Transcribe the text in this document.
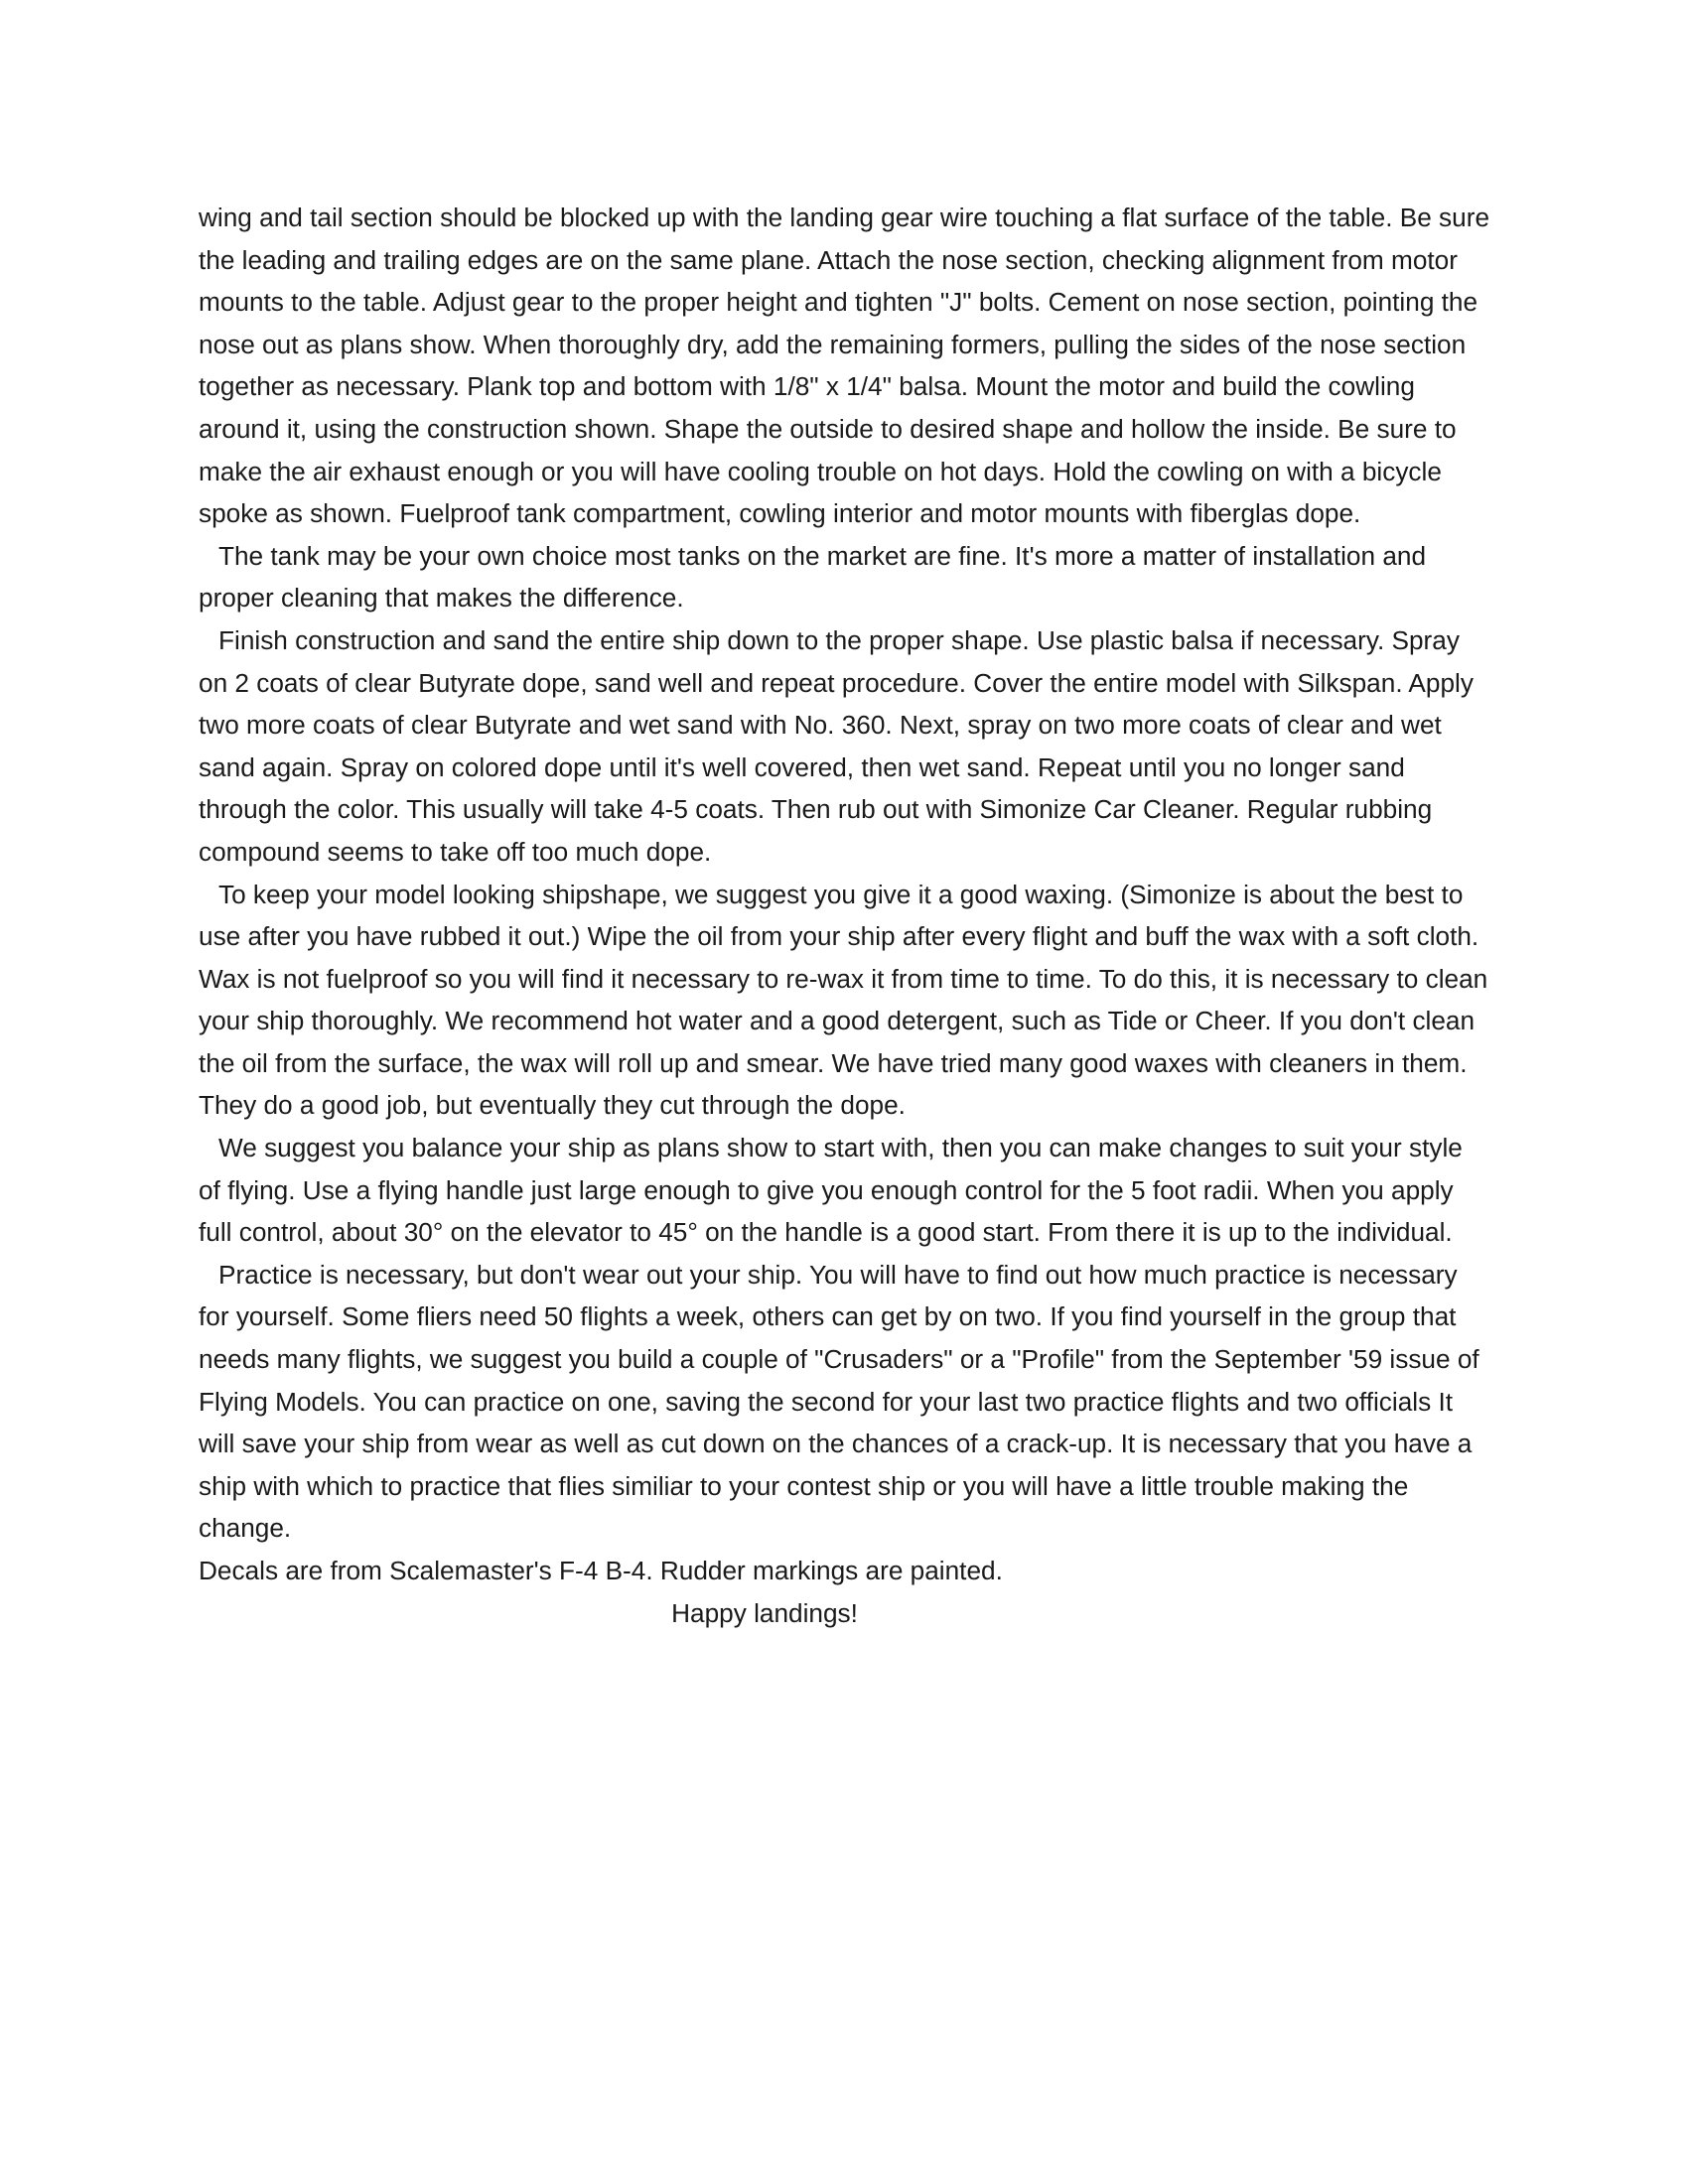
wing and tail section should be blocked up with the landing gear wire touching a flat surface of the table. Be sure the leading and trailing edges are on the same plane. Attach the nose section, checking alignment from motor mounts to the table. Adjust gear to the proper height and tighten "J" bolts. Cement on nose section, pointing the nose out as plans show. When thoroughly dry, add the remaining formers, pulling the sides of the nose section together as necessary. Plank top and bottom with 1/8" x 1/4" balsa. Mount the motor and build the cowling around it, using the construction shown. Shape the outside to desired shape and hollow the inside. Be sure to make the air exhaust enough or you will have cooling trouble on hot days. Hold the cowling on with a bicycle spoke as shown. Fuelproof tank compartment, cowling interior and motor mounts with fiberglas dope.

The tank may be your own choice most tanks on the market are fine. It's more a matter of installation and proper cleaning that makes the difference.

Finish construction and sand the entire ship down to the proper shape. Use plastic balsa if necessary. Spray on 2 coats of clear Butyrate dope, sand well and repeat procedure. Cover the entire model with Silkspan. Apply two more coats of clear Butyrate and wet sand with No. 360. Next, spray on two more coats of clear and wet sand again. Spray on colored dope until it's well covered, then wet sand. Repeat until you no longer sand through the color. This usually will take 4-5 coats. Then rub out with Simonize Car Cleaner. Regular rubbing compound seems to take off too much dope.

To keep your model looking shipshape, we suggest you give it a good waxing. (Simonize is about the best to use after you have rubbed it out.) Wipe the oil from your ship after every flight and buff the wax with a soft cloth. Wax is not fuelproof so you will find it necessary to re-wax it from time to time. To do this, it is necessary to clean your ship thoroughly. We recommend hot water and a good detergent, such as Tide or Cheer. If you don't clean the oil from the surface, the wax will roll up and smear. We have tried many good waxes with cleaners in them. They do a good job, but eventually they cut through the dope.

We suggest you balance your ship as plans show to start with, then you can make changes to suit your style of flying. Use a flying handle just large enough to give you enough control for the 5 foot radii. When you apply full control, about 30° on the elevator to 45° on the handle is a good start. From there it is up to the individual.

Practice is necessary, but don't wear out your ship. You will have to find out how much practice is necessary for yourself. Some fliers need 50 flights a week, others can get by on two. If you find yourself in the group that needs many flights, we suggest you build a couple of "Crusaders" or a "Profile" from the September '59 issue of Flying Models. You can practice on one, saving the second for your last two practice flights and two officials It will save your ship from wear as well as cut down on the chances of a crack-up. It is necessary that you have a ship with which to practice that flies similiar to your contest ship or you will have a little trouble making the change.

Decals are from Scalemaster's F-4 B-4. Rudder markings are painted.

Happy landings!
